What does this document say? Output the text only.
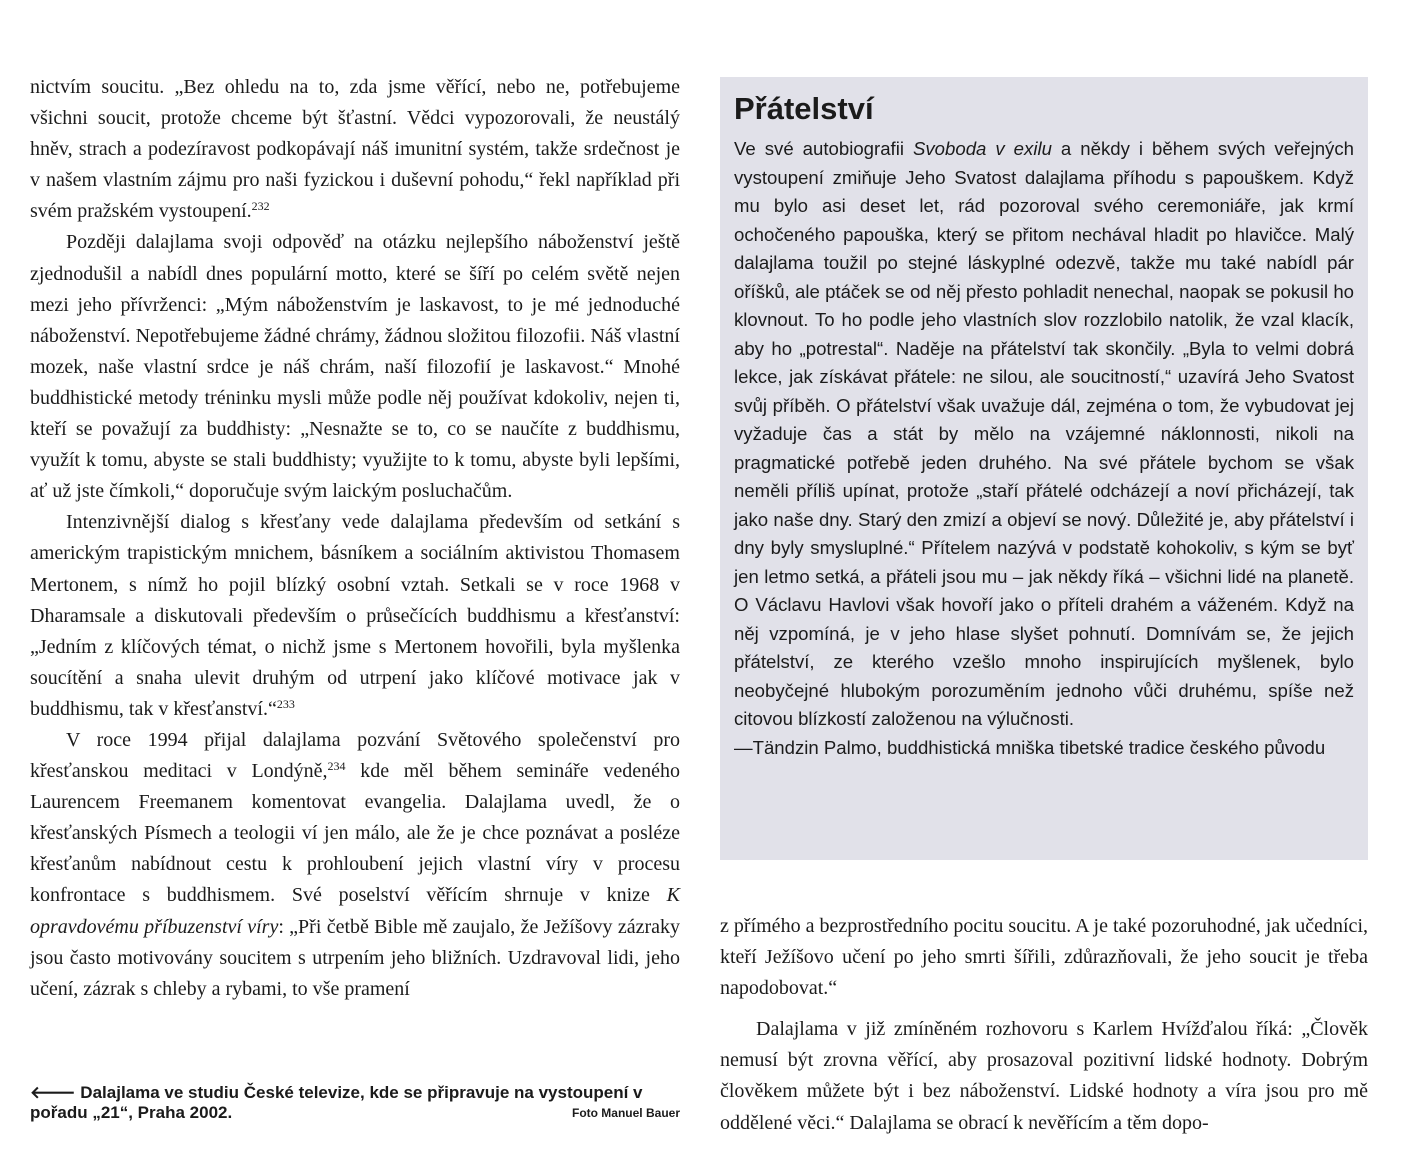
nictvím soucitu. „Bez ohledu na to, zda jsme věřící, nebo ne, potřebujeme všichni soucit, protože chceme být šťastní. Vědci vypozorovali, že neustálý hněv, strach a podezíravost podkopávají náš imunitní systém, takže srdečnost je v našem vlastním zájmu pro naši fyzickou i duševní pohodu,“ řekl například při svém pražském vystoupení.$^{232}$

Později dalajlama svoji odpověď na otázku nejlepšího náboženství ještě zjednodušil a nabídl dnes populární motto, které se šíří po celém světě nejen mezi jeho přívrženci: „Mým náboženstvím je laskavost, to je mé jednoduché náboženství. Nepotřebujeme žádné chrámy, žádnou složitou filozofii. Náš vlastní mozek, naše vlastní srdce je náš chrám, naší filozofií je laskavost.“ Mnohé buddhistické metody tréninku mysli může podle něj používat kdokoliv, nejen ti, kteří se považují za buddhisty: „Nesnažte se to, co se naučíte z buddhismu, využít k tomu, abyste se stali buddhisty; využijte to k tomu, abyste byli lepšími, ať už jste čímkoli,“ doporučuje svým laickým posluchačům.

Intenzivnější dialog s křesťany vede dalajlama především od setkání s americkým trapistickým mnichem, básníkem a sociálním aktivistou Thomasem Mertonem, s nímž ho pojil blízký osobní vztah. Setkali se v roce 1968 v Dharamsale a diskutovali především o průsečících buddhismu a křesťanství: „Jedním z klíčových témat, o nichž jsme s Mertonem hovořili, byla myšlenka soucítění a snaha ulevit druhým od utrpení jako klíčové motivace jak v buddhismu, tak v křesťanství.“$^{233}$

V roce 1994 přijal dalajlama pozvání Světového společenství pro křesťanskou meditaci v Londýně,$^{234}$ kde měl během semináře vedeného Laurencem Freemanem komentovat evangelia. Dalajlama uvedl, že o křesťanských Písmech a teologii ví jen málo, ale že je chce poznávat a posléze křesťanům nabídnout cestu k prohloubení jejich vlastní víry v procesu konfrontace s buddhismem. Své poselství věřícím shrnuje v knize K opravdovému příbuzenství víry: „Při četbě Bible mě zaujalo, že Ježíšovy zázraky jsou často motivovány soucitem s utrpením jeho bližních. Uzdravoval lidi, jeho učení, zázrak s chleby a rybami, to vše pramení

🡐 Dalajlama ve studiu České televize, kde se připravuje na vystoupení v pořadu „21“, Praha 2002.	Foto Manuel Bauer
Přátelství

Ve své autobiografii Svoboda v exilu a někdy i během svých veřejných vystoupení zmiňuje Jeho Svatost dalajlama příhodu s papouškem. Když mu bylo asi deset let, rád pozoroval svého ceremoniáře, jak krmí ochočeného papouška, který se přitom nechával hladit po hlavičce. Malý dalajlama toužil po stejné láskyplné odezvě, takže mu také nabídl pár oříšků, ale ptáček se od něj přesto pohladit nenechal, naopak se pokusil ho klovnout. To ho podle jeho vlastních slov rozzlobilo natolik, že vzal klacík, aby ho „potrestal“. Naděje na přátelství tak skončily. „Byla to velmi dobrá lekce, jak získávat přátele: ne silou, ale soucitností,“ uzavírá Jeho Svatost svůj příběh. O přátelství však uvažuje dál, zejména o tom, že vybudovat jej vyžaduje čas a stát by mělo na vzájemné náklonnosti, nikoli na pragmatické potřebě jeden druhého. Na své přátele bychom se však neměli příliš upínat, protože „staří přátelé odcházejí a noví přicházejí, tak jako naše dny. Starý den zmizí a objeví se nový. Důležité je, aby přátelství i dny byly smysluplné.“ Přítelem nazývá v podstatě kohokoliv, s kým se byť jen letmo setká, a přáteli jsou mu – jak někdy říká – všichni lidé na planetě. O Václavu Havlovi však hovoří jako o příteli drahém a váženém. Když na něj vzpomíná, je v jeho hlase slyšet pohnutí. Domnívám se, že jejich přátelství, ze kterého vzešlo mnoho inspirujících myšlenek, bylo neobyčejné hlubokým porozuměním jednoho vůči druhému, spíše než citovou blízkostí založenou na výlučnosti.

—Tändzin Palmo, buddhistická mniška tibetské tradice českého původu

z přímého a bezprostředního pocitu soucitu. A je také pozoruhodné, jak učedníci, kteří Ježíšovo učení po jeho smrti šířili, zdůrazňovali, že jeho soucit je třeba napodobovat.“

Dalajlama v již zmíněném rozhovoru s Karlem Hvížďalou říká: „Člověk nemusí být zrovna věřící, aby prosazoval pozitivní lidské hodnoty. Dobrým člověkem můžete být i bez náboženství. Lidské hodnoty a víra jsou pro mě oddělené věci.“ Dalajlama se obrací k nevěřícím a těm dopo-
